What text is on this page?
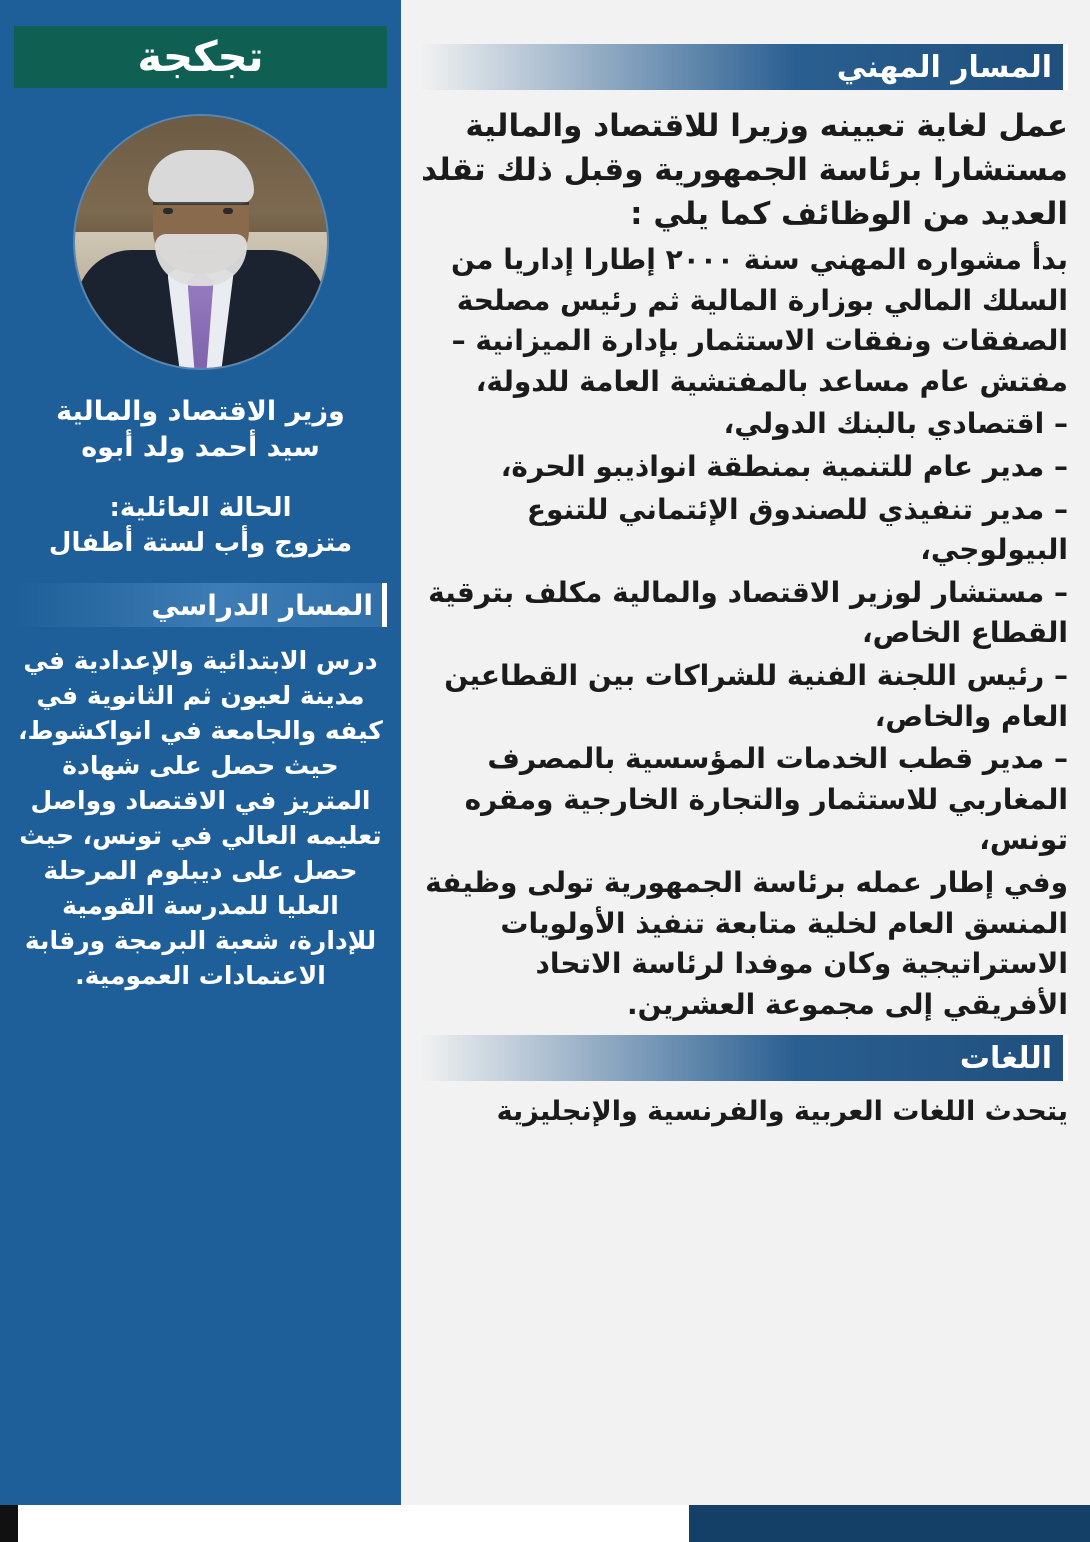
المسار المهني
عمل لغاية تعيينه وزيرا للاقتصاد والمالية مستشارا برئاسة الجمهورية وقبل ذلك تقلد العديد من الوظائف كما يلي :

بدأ مشواره المهني سنة ٢٠٠٠ إطارا إداريا من السلك المالي بوزارة المالية ثم رئيس مصلحة الصفقات ونفقات الاستثمار بإدارة الميزانية – مفتش عام مساعد بالمفتشية العامة للدولة،

– اقتصادي بالبنك الدولي،

– مدير عام للتنمية بمنطقة انواذيبو الحرة،

– مدير تنفيذي للصندوق الإئتماني للتنوع البيولوجي،

– مستشار لوزير الاقتصاد والمالية مكلف بترقية القطاع الخاص،

– رئيس اللجنة الفنية للشراكات بين القطاعين العام والخاص،

– مدير قطب الخدمات المؤسسية بالمصرف المغاربي للاستثمار والتجارة الخارجية ومقره تونس،

وفي إطار عمله برئاسة الجمهورية تولى وظيفة المنسق العام لخلية متابعة تنفيذ الأولويات الاستراتيجية وكان موفدا لرئاسة الاتحاد الأفريقي إلى مجموعة العشرين.

اللغات
يتحدث اللغات العربية والفرنسية والإنجليزية
تجكجة
وزير الاقتصاد والمالية
سيد أحمد ولد أبوه
الحالة العائلية:
متزوج وأب لستة أطفال
المسار الدراسي
درس الابتدائية والإعدادية في مدينة لعيون ثم الثانوية في كيفه والجامعة في انواكشوط، حيث حصل على شهادة المتريز في الاقتصاد وواصل تعليمه العالي في تونس، حيث حصل على ديبلوم المرحلة العليا للمدرسة القومية للإدارة، شعبة البرمجة ورقابة الاعتمادات العمومية.
